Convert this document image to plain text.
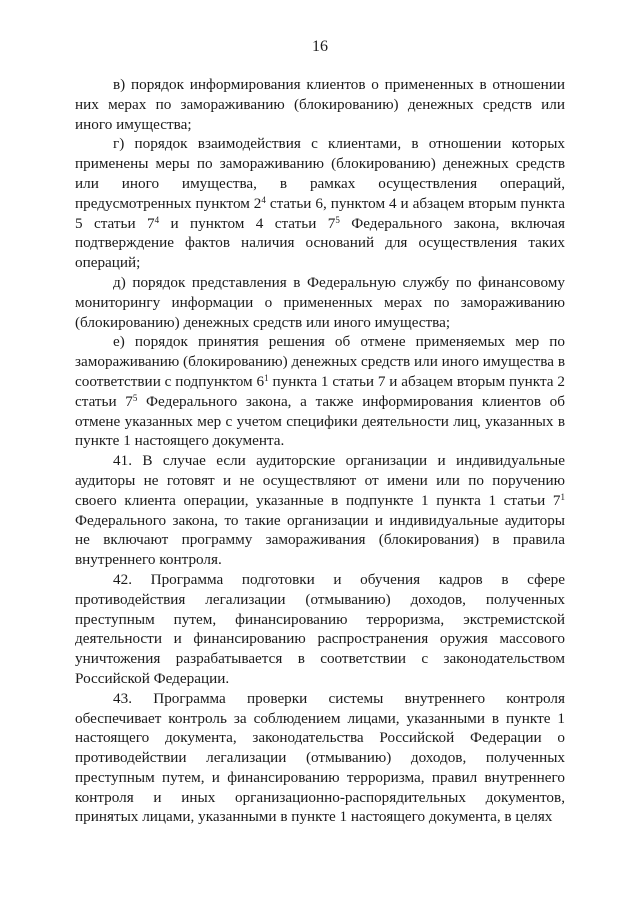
16

в) порядок информирования клиентов о примененных в отношении них мерах по замораживанию (блокированию) денежных средств или иного имущества;

г) порядок взаимодействия с клиентами, в отношении которых применены меры по замораживанию (блокированию) денежных средств или иного имущества, в рамках осуществления операций, предусмотренных пунктом $2^4$ статьи 6, пунктом 4 и абзацем вторым пункта 5 статьи $7^4$ и пунктом 4 статьи $7^5$ Федерального закона, включая подтверждение фактов наличия оснований для осуществления таких операций;

д) порядок представления в Федеральную службу по финансовому мониторингу информации о примененных мерах по замораживанию (блокированию) денежных средств или иного имущества;

е) порядок принятия решения об отмене применяемых мер по замораживанию (блокированию) денежных средств или иного имущества в соответствии с подпунктом $6^1$ пункта 1 статьи 7 и абзацем вторым пункта 2 статьи $7^5$ Федерального закона, а также информирования клиентов об отмене указанных мер с учетом специфики деятельности лиц, указанных в пункте 1 настоящего документа.

41. В случае если аудиторские организации и индивидуальные аудиторы не готовят и не осуществляют от имени или по поручению своего клиента операции, указанные в подпункте 1 пункта 1 статьи $7^1$ Федерального закона, то такие организации и индивидуальные аудиторы не включают программу замораживания (блокирования) в правила внутреннего контроля.

42. Программа подготовки и обучения кадров в сфере противодействия легализации (отмыванию) доходов, полученных преступным путем, финансированию терроризма, экстремистской деятельности и финансированию распространения оружия массового уничтожения разрабатывается в соответствии с законодательством Российской Федерации.

43. Программа проверки системы внутреннего контроля обеспечивает контроль за соблюдением лицами, указанными в пункте 1 настоящего документа, законодательства Российской Федерации о противодействии легализации (отмыванию) доходов, полученных преступным путем, и финансированию терроризма, правил внутреннего контроля и иных организационно-распорядительных документов, принятых лицами, указанными в пункте 1 настоящего документа, в целях
